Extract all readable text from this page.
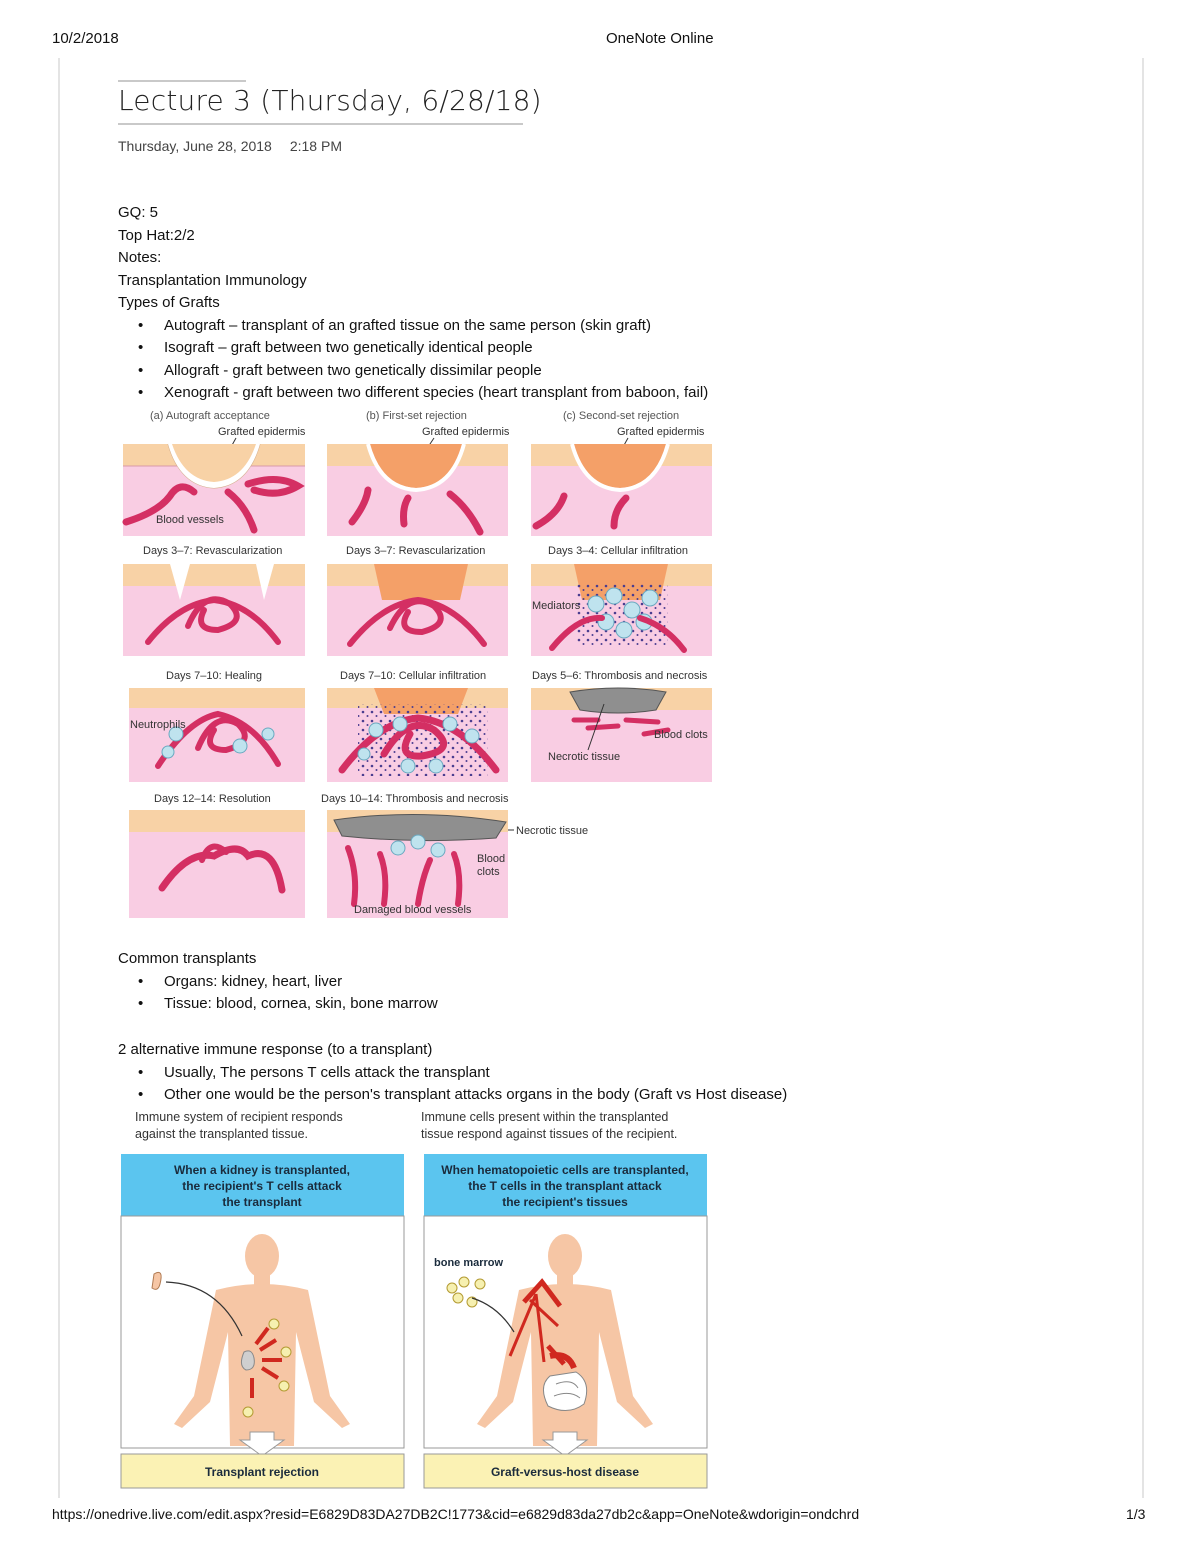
10/2/2018	OneNote Online
Lecture 3 (Thursday, 6/28/18)
Thursday, June 28, 2018 2:18 PM

GQ: 5

Top Hat:2/2

Notes:

Transplantation Immunology

Types of Grafts

• Autograft – transplant of an grafted tissue on the same person (skin graft)
• Isograft – graft between two genetically identical people
• Allograft - graft between two genetically dissimilar people
• Xenograft - graft between two different species (heart transplant from baboon, fail)
(a) Autograft acceptance	(b) First-set rejection	(c) Second-set rejection
Grafted epidermis
Blood vessels
Grafted epidermis	Grafted epidermis
Days 3–7: Revascularization	Days 3–7: Revascularization	Days 3–4: Cellular infiltration
Mediators
Days 7–10: Healing	Days 7–10: Cellular infiltration	Days 5–6: Thrombosis and necrosis
Neutrophils
Blood clots
Necrotic tissue
Days 12–14: Resolution	Days 10–14: Thrombosis and necrosis
Blood
clots
Damaged blood vessels
Necrotic tissue

Common transplants

• Organs: kidney, heart, liver
• Tissue: blood, cornea, skin, bone marrow

2 alternative immune response (to a transplant)

• Usually, The persons T cells attack the transplant
• Other one would be the person's transplant attacks organs in the body (Graft vs Host disease)
Immune system of recipient responds
against the transplanted tissue.
Immune cells present within the transplanted
tissue respond against tissues of the recipient.
When a kidney is transplanted,
the recipient's T cells attack
the transplant
Transplant rejection
When hematopoietic cells are transplanted,
the T cells in the transplant attack
the recipient's tissues
bone marrow
Graft-versus-host disease
https://onedrive.live.com/edit.aspx?resid=E6829D83DA27DB2C!1773&cid=e6829d83da27db2c&app=OneNote&wdorigin=ondchrd	1/3
